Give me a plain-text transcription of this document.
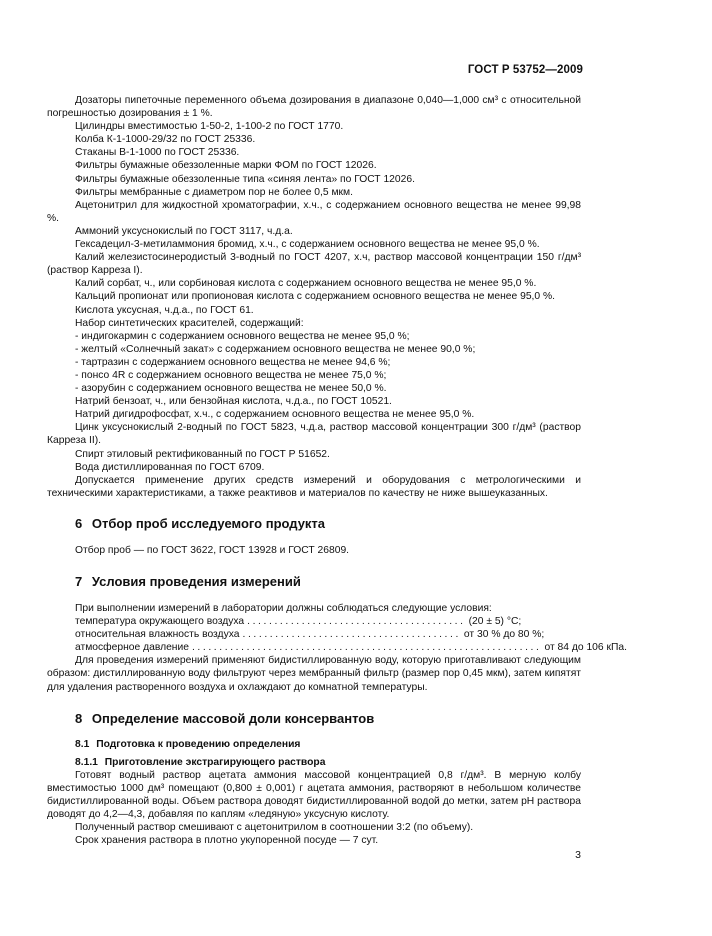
ГОСТ Р 53752—2009

Дозаторы пипеточные переменного объема дозирования в диапазоне 0,040—1,000 см³ с относительной погрешностью дозирования ± 1 %.

Цилиндры вместимостью 1-50-2, 1-100-2 по ГОСТ 1770.

Колба К-1-1000-29/32 по ГОСТ 25336.

Стаканы В-1-1000 по ГОСТ 25336.

Фильтры бумажные обеззоленные марки ФОМ по ГОСТ 12026.

Фильтры бумажные обеззоленные типа «синяя лента» по ГОСТ 12026.

Фильтры мембранные с диаметром пор не более 0,5 мкм.

Ацетонитрил для жидкостной хроматографии, х.ч., с содержанием основного вещества не менее 99,98 %.

Аммоний уксуснокислый по ГОСТ 3117, ч.д.а.

Гексадецил-3-метиламмония бромид, х.ч., с содержанием основного вещества не менее 95,0 %.

Калий железистосинеродистый 3-водный по ГОСТ 4207, х.ч, раствор массовой концентрации 150 г/дм³ (раствор Карреза I).

Калий сорбат, ч., или сорбиновая кислота с содержанием основного вещества не менее 95,0 %.

Кальций пропионат или пропионовая кислота с содержанием основного вещества не менее 95,0 %.

Кислота уксусная, ч.д.а., по ГОСТ 61.

Набор синтетических красителей, содержащий:

- индигокармин с содержанием основного вещества не менее 95,0 %;

- желтый «Солнечный закат» с содержанием основного вещества не менее 90,0 %;

- тартразин с содержанием основного вещества не менее 94,6 %;

- понсо 4R с содержанием основного вещества не менее 75,0 %;

- азорубин с содержанием основного вещества не менее 50,0 %.

Натрий бензоат, ч., или бензойная кислота, ч.д.а., по ГОСТ 10521.

Натрий дигидрофосфат, х.ч., с содержанием основного вещества не менее 95,0 %.

Цинк уксуснокислый 2-водный по ГОСТ 5823, ч.д.а, раствор массовой концентрации 300 г/дм³ (раствор Карреза II).

Спирт этиловый ректификованный по ГОСТ Р 51652.

Вода дистиллированная по ГОСТ 6709.

Допускается применение других средств измерений и оборудования с метрологическими и техническими характеристиками, а также реактивов и материалов по качеству не ниже вышеуказанных.

6 Отбор проб исследуемого продукта

Отбор проб — по ГОСТ 3622, ГОСТ 13928 и ГОСТ 26809.

7 Условия проведения измерений

При выполнении измерений в лаборатории должны соблюдаться следующие условия:

температура окружающего воздуха ........................................ (20 ± 5) °С;
относительная влажность воздуха ........................................ от 30 % до 80 %;
атмосферное давление ................................................................ от 84 до 106 кПа.

Для проведения измерений применяют бидистиллированную воду, которую приготавливают следующим образом: дистиллированную воду фильтруют через мембранный фильтр (размер пор 0,45 мкм), затем кипятят для удаления растворенного воздуха и охлаждают до комнатной температуры.

8 Определение массовой доли консервантов

8.1 Подготовка к проведению определения

8.1.1 Приготовление экстрагирующего раствора

Готовят водный раствор ацетата аммония массовой концентрацией 0,8 г/дм³. В мерную колбу вместимостью 1000 дм³ помещают (0,800 ± 0,001) г ацетата аммония, растворяют в небольшом количестве бидистиллированной воды. Объем раствора доводят бидистиллированной водой до метки, затем рН раствора доводят до 4,2—4,3, добавляя по каплям «ледяную» уксусную кислоту.

Полученный раствор смешивают с ацетонитрилом в соотношении 3:2 (по объему).

Срок хранения раствора в плотно укупоренной посуде — 7 сут.

3
